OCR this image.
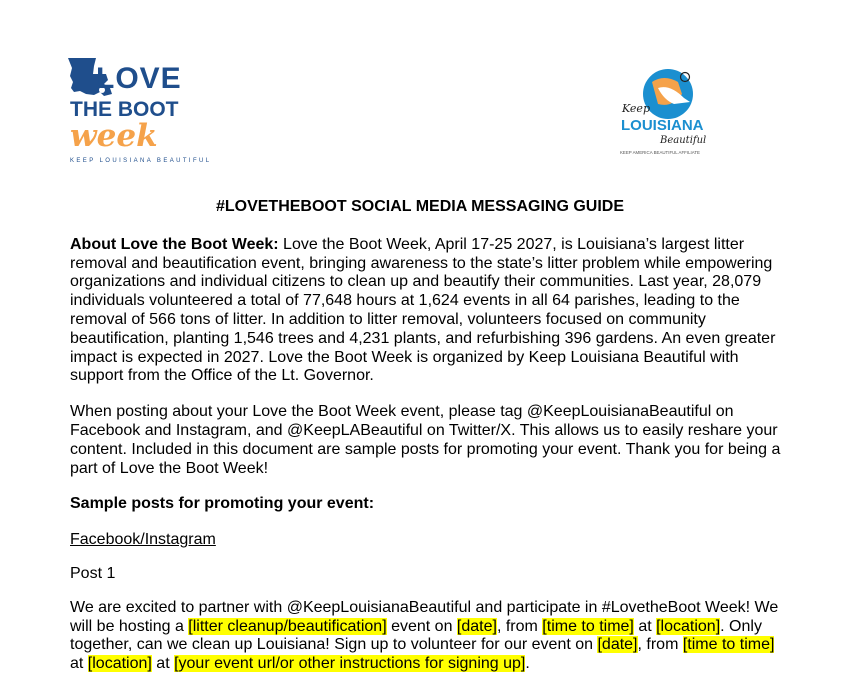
LOVE
THE BOOT
week
KEEP LOUISIANA BEAUTIFUL
Keep
LOUISIANA
Beautiful
KEEP AMERICA BEAUTIFUL AFFILIATE
#LOVETHEBOOT SOCIAL MEDIA MESSAGING GUIDE

About Love the Boot Week: Love the Boot Week, April 17-25 2027, is Louisiana’s largest litter removal and beautification event, bringing awareness to the state’s litter problem while empowering organizations and individual citizens to clean up and beautify their communities. Last year, 28,079 individuals volunteered a total of 77,648 hours at 1,624 events in all 64 parishes, leading to the removal of 566 tons of litter. In addition to litter removal, volunteers focused on community beautification, planting 1,546 trees and 4,231 plants, and refurbishing 396 gardens. An even greater impact is expected in 2027. Love the Boot Week is organized by Keep Louisiana Beautiful with support from the Office of the Lt. Governor.

When posting about your Love the Boot Week event, please tag @KeepLouisianaBeautiful on Facebook and Instagram, and @KeepLABeautiful on Twitter/X. This allows us to easily reshare your content. Included in this document are sample posts for promoting your event. Thank you for being a part of Love the Boot Week!

Sample posts for promoting your event:

Facebook/Instagram

Post 1

We are excited to partner with @KeepLouisianaBeautiful and participate in #LovetheBoot Week! We will be hosting a [litter cleanup/beautification] event on [date], from [time to time] at [location]. Only together, can we clean up Louisiana! Sign up to volunteer for our event on [date], from [time to time] at [location] at [your event url/or other instructions for signing up].
